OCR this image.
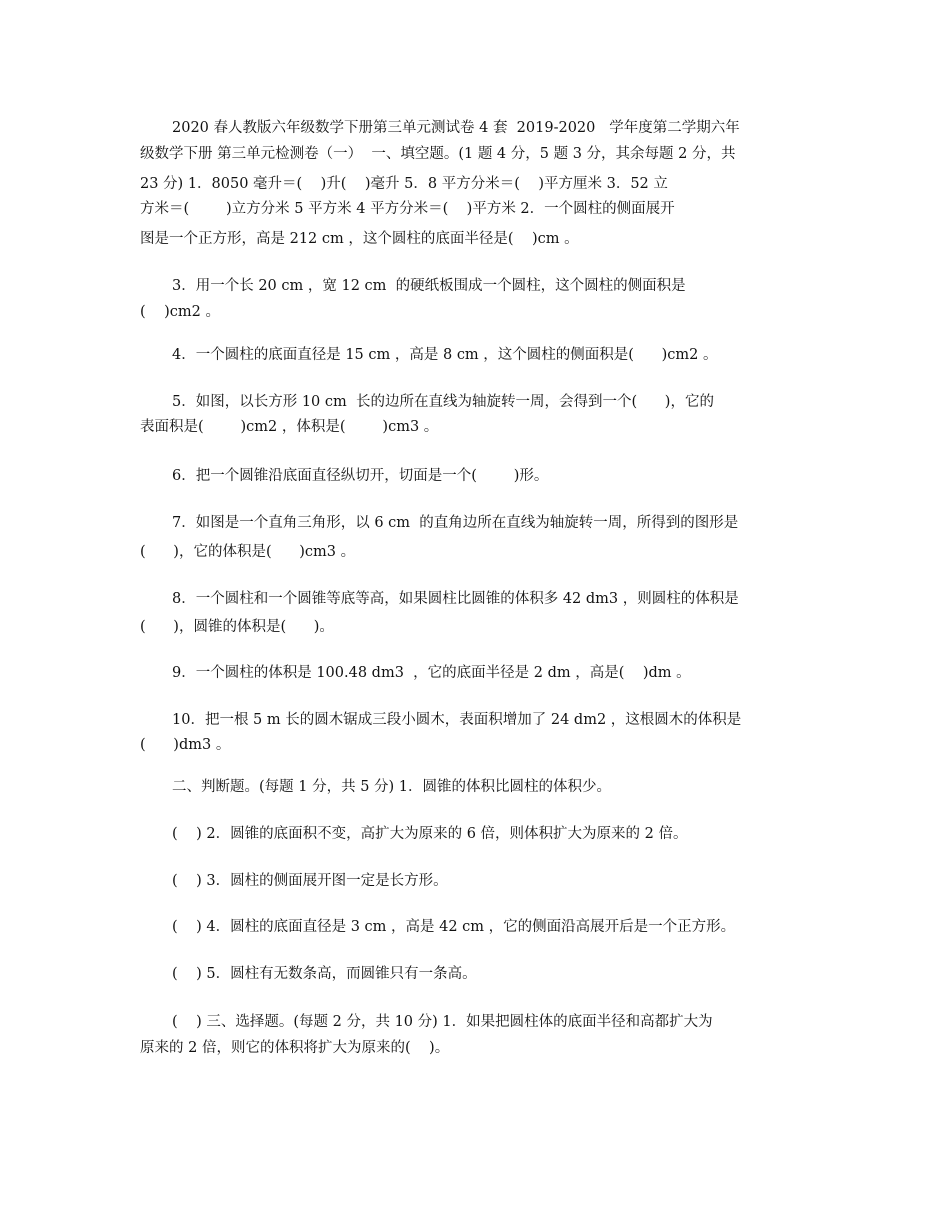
2020 春人教版六年级数学下册第三单元测试卷 4 套  2019-2020   学年度第二学期六年
级数学下册 第三单元检测卷（一）  一、填空题。(1 题 4 分，5 题 3 分，其余每题 2 分，共
23 分) 1．8050 毫升＝(    )升(    )毫升 5．8 平方分米＝(    )平方厘米 3．52 立
方米＝(        )立方分米 5 平方米 4 平方分米＝(    )平方米 2．一个圆柱的侧面展开
图是一个正方形，高是 212 cm ，这个圆柱的底面半径是(    )cm 。
3．用一个长 20 cm ，宽 12 cm  的硬纸板围成一个圆柱，这个圆柱的侧面积是
(    )cm2 。
4．一个圆柱的底面直径是 15 cm ，高是 8 cm ，这个圆柱的侧面积是(      )cm2 。
5．如图，以长方形 10 cm  长的边所在直线为轴旋转一周，会得到一个(      )，它的
表面积是(        )cm2 ，体积是(        )cm3 。
6．把一个圆锥沿底面直径纵切开，切面是一个(        )形。
7．如图是一个直角三角形，以 6 cm  的直角边所在直线为轴旋转一周，所得到的图形是
(      )，它的体积是(      )cm3 。
8．一个圆柱和一个圆锥等底等高，如果圆柱比圆锥的体积多 42 dm3 ，则圆柱的体积是
(      )，圆锥的体积是(      )。
9．一个圆柱的体积是 100.48 dm3  ，它的底面半径是 2 dm ，高是(    )dm 。
10．把一根 5 m 长的圆木锯成三段小圆木，表面积增加了 24 dm2 ，这根圆木的体积是
(      )dm3 。
二、判断题。(每题 1 分，共 5 分) 1．圆锥的体积比圆柱的体积少。
(    ) 2．圆锥的底面积不变，高扩大为原来的 6 倍，则体积扩大为原来的 2 倍。
(    ) 3．圆柱的侧面展开图一定是长方形。
(    ) 4．圆柱的底面直径是 3 cm ，高是 42 cm ，它的侧面沿高展开后是一个正方形。
(    ) 5．圆柱有无数条高，而圆锥只有一条高。
(    ) 三、选择题。(每题 2 分，共 10 分) 1．如果把圆柱体的底面半径和高都扩大为
原来的 2 倍，则它的体积将扩大为原来的(    )。
